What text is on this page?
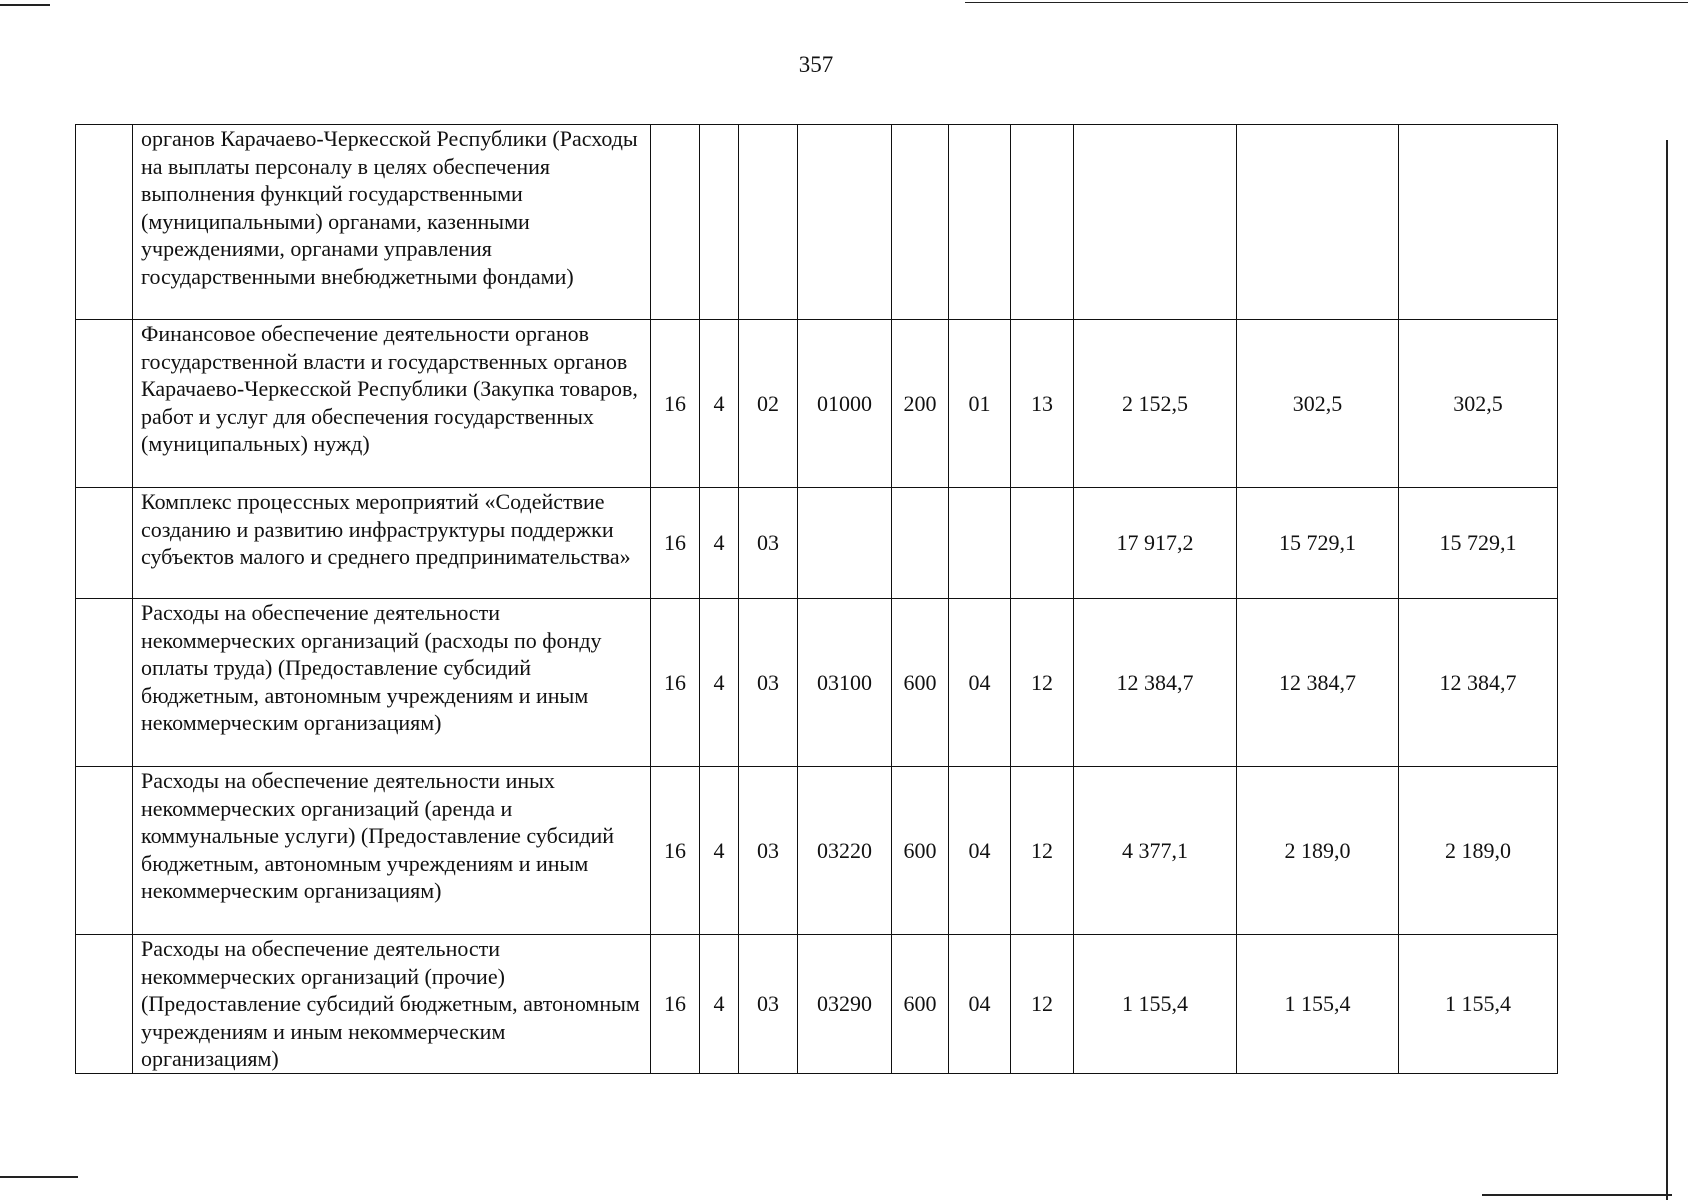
357
	органов Карачаево-Черкесской Республики (Расходы на выплаты персоналу в целях обеспечения выполнения функций государственными (муниципальными) органами, казенными учреждениями, органами управления государственными внебюджетными фондами)										
	Финансовое обеспечение деятельности органов государственной власти и государственных органов Карачаево-Черкесской Республики (Закупка товаров, работ и услуг для обеспечения государственных (муниципальных) нужд)	16	4	02	01000	200	01	13	2 152,5	302,5	302,5
	Комплекс процессных мероприятий «Содействие созданию и развитию инфраструктуры поддержки субъектов малого и среднего предпринимательства»	16	4	03					17 917,2	15 729,1	15 729,1
	Расходы на обеспечение деятельности некоммерческих организаций (расходы по фонду оплаты труда) (Предоставление субсидий бюджетным, автономным учреждениям и иным некоммерческим организациям)	16	4	03	03100	600	04	12	12 384,7	12 384,7	12 384,7
	Расходы на обеспечение деятельности иных некоммерческих организаций (аренда и коммунальные услуги) (Предоставление субсидий бюджетным, автономным учреждениям и иным некоммерческим организациям)	16	4	03	03220	600	04	12	4 377,1	2 189,0	2 189,0
	Расходы на обеспечение деятельности некоммерческих организаций (прочие) (Предоставление субсидий бюджетным, автономным учреждениям и иным некоммерческим организациям)	16	4	03	03290	600	04	12	1 155,4	1 155,4	1 155,4
